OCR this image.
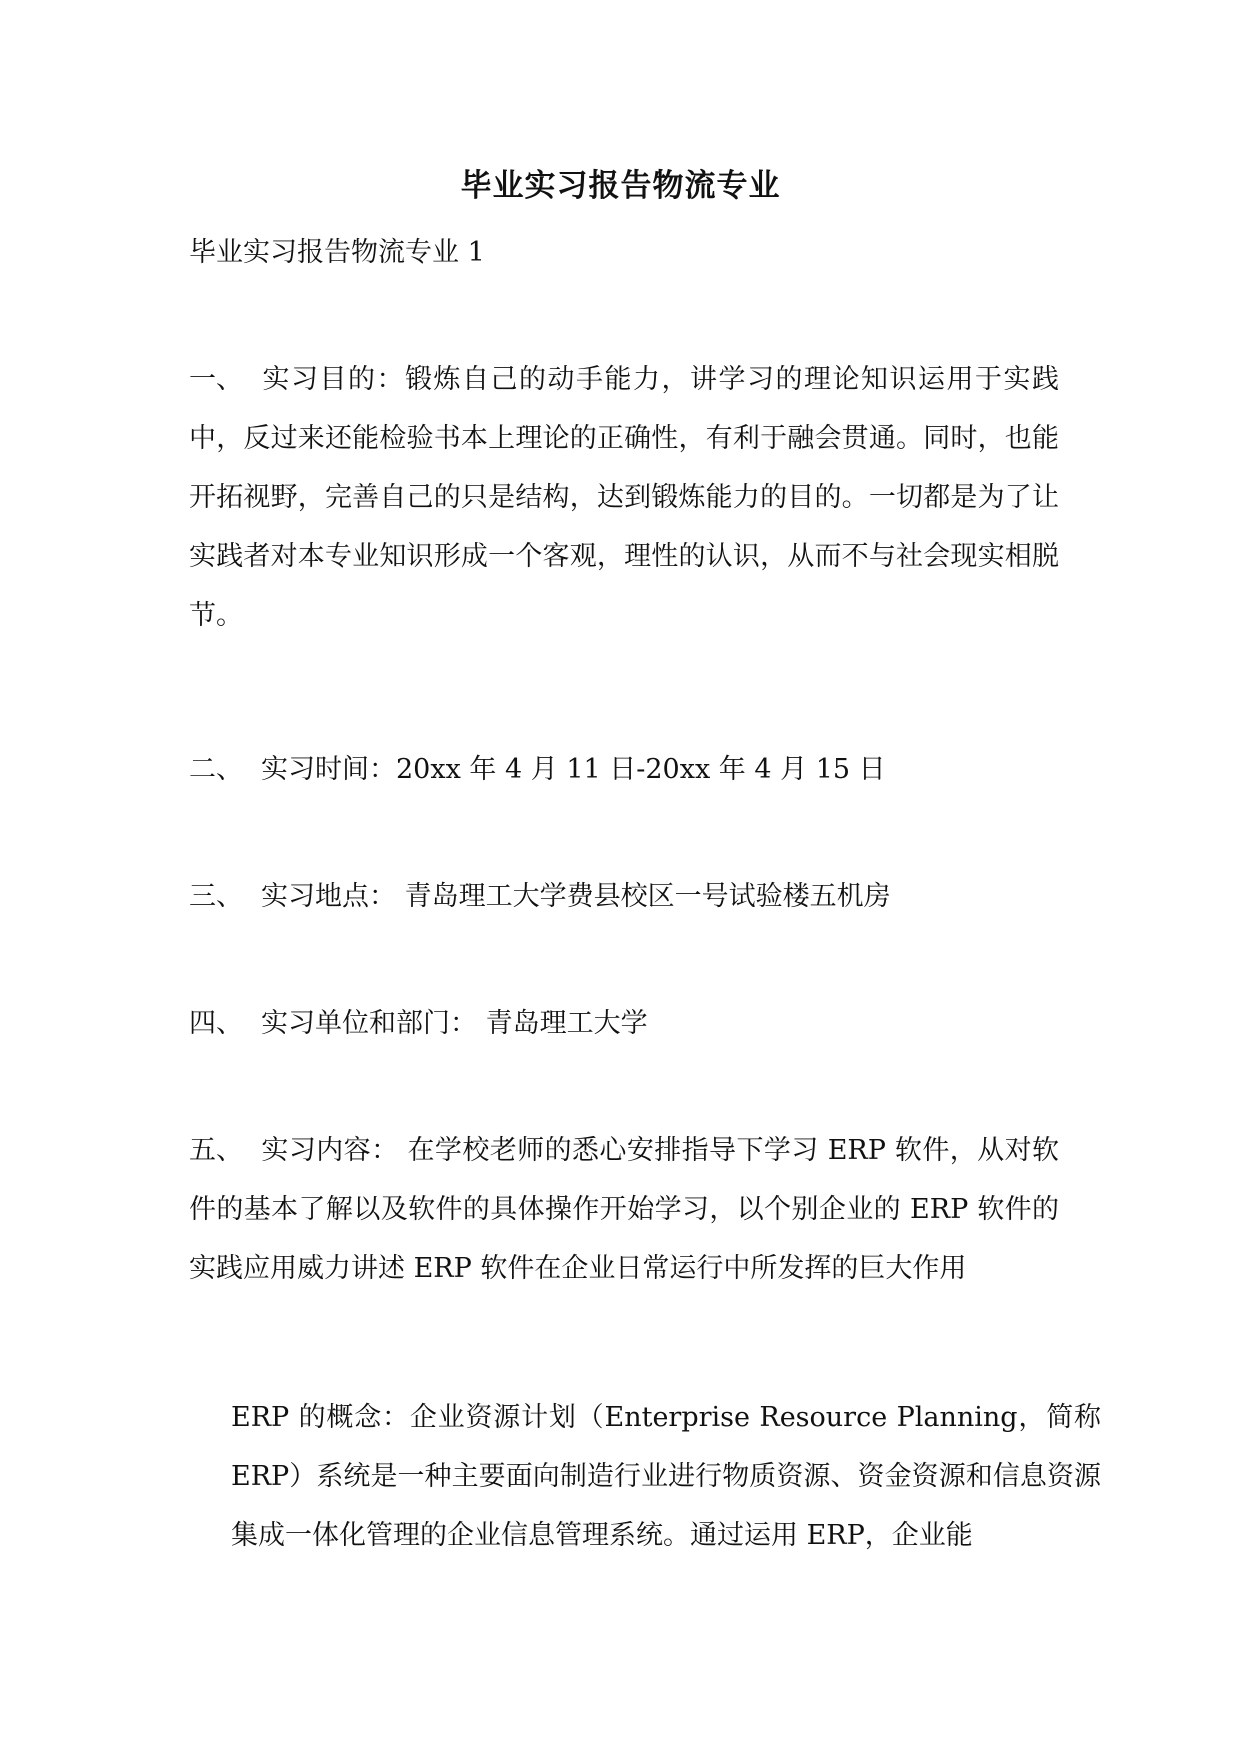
毕业实习报告物流专业
毕业实习报告物流专业 1
一、 实习目的：锻炼自己的动手能力，讲学习的理论知识运用于实践中，反过来还能检验书本上理论的正确性，有利于融会贯通。同时，也能开拓视野，完善自己的只是结构，达到锻炼能力的目的。一切都是为了让实践者对本专业知识形成一个客观，理性的认识，从而不与社会现实相脱节。
二、 实习时间：20xx 年 4 月 11 日-20xx 年 4 月 15 日
三、 实习地点： 青岛理工大学费县校区一号试验楼五机房
四、 实习单位和部门： 青岛理工大学
五、 实习内容： 在学校老师的悉心安排指导下学习 ERP 软件，从对软件的基本了解以及软件的具体操作开始学习，以个别企业的 ERP 软件的实践应用威力讲述 ERP 软件在企业日常运行中所发挥的巨大作用
ERP 的概念：企业资源计划（Enterprise Resource Planning，简称 ERP）系统是一种主要面向制造行业进行物质资源、资金资源和信息资源集成一体化管理的企业信息管理系统。通过运用 ERP，企业能
